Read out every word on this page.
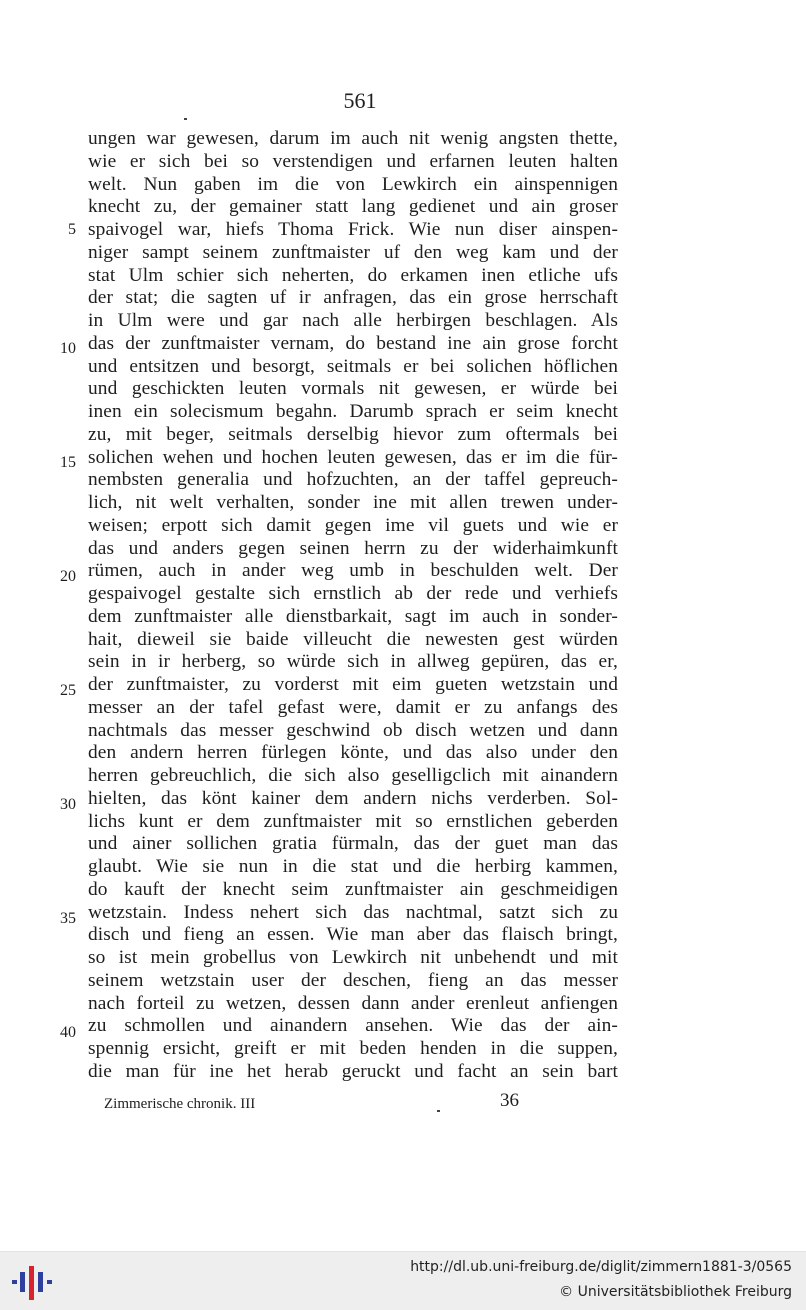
561
5
10
15
20
25
30
35
40
ungen war gewesen, darum im auch nit wenig angsten thette,
wie er sich bei so verstendigen und erfarnen leuten halten
welt. Nun gaben im die von Lewkirch ein ainspennigen
knecht zu, der gemainer statt lang gedienet und ain groser
spaivogel war, hiefs Thoma Frick. Wie nun diser ainspen-
niger sampt seinem zunftmaister uf den weg kam und der
stat Ulm schier sich neherten, do erkamen inen etliche ufs
der stat; die sagten uf ir anfragen, das ein grose herrschaft
in Ulm were und gar nach alle herbirgen beschlagen. Als
das der zunftmaister vernam, do bestand ine ain grose forcht
und entsitzen und besorgt, seitmals er bei solichen höflichen
und geschickten leuten vormals nit gewesen, er würde bei
inen ein solecismum begahn. Darumb sprach er seim knecht
zu, mit beger, seitmals derselbig hievor zum oftermals bei
solichen wehen und hochen leuten gewesen, das er im die für-
nembsten generalia und hofzuchten, an der taffel gepreuch-
lich, nit welt verhalten, sonder ine mit allen trewen under-
weisen; erpott sich damit gegen ime vil guets und wie er
das und anders gegen seinen herrn zu der widerhaimkunft
rümen, auch in ander weg umb in beschulden welt. Der
gespaivogel gestalte sich ernstlich ab der rede und verhiefs
dem zunftmaister alle dienstbarkait, sagt im auch in sonder-
hait, dieweil sie baide villeucht die newesten gest würden
sein in ir herberg, so würde sich in allweg gepüren, das er,
der zunftmaister, zu vorderst mit eim gueten wetzstain und
messer an der tafel gefast were, damit er zu anfangs des
nachtmals das messer geschwind ob disch wetzen und dann
den andern herren fürlegen könte, und das also under den
herren gebreuchlich, die sich also geselligclich mit ainandern
hielten, das könt kainer dem andern nichs verderben. Sol-
lichs kunt er dem zunftmaister mit so ernstlichen geberden
und ainer sollichen gratia fürmaln, das der guet man das
glaubt. Wie sie nun in die stat und die herbirg kammen,
do kauft der knecht seim zunftmaister ain geschmeidigen
wetzstain. Indess nehert sich das nachtmal, satzt sich zu
disch und fieng an essen. Wie man aber das flaisch bringt,
so ist mein grobellus von Lewkirch nit unbehendt und mit
seinem wetzstain user der deschen, fieng an das messer
nach forteil zu wetzen, dessen dann ander erenleut anfiengen
zu schmollen und ainandern ansehen. Wie das der ain-
spennig ersicht, greift er mit beden henden in die suppen,
die man für ine het herab geruckt und facht an sein bart
Zimmerische chronik. III	36
http://dl.ub.uni-freiburg.de/diglit/zimmern1881-3/0565
© Universitätsbibliothek Freiburg
